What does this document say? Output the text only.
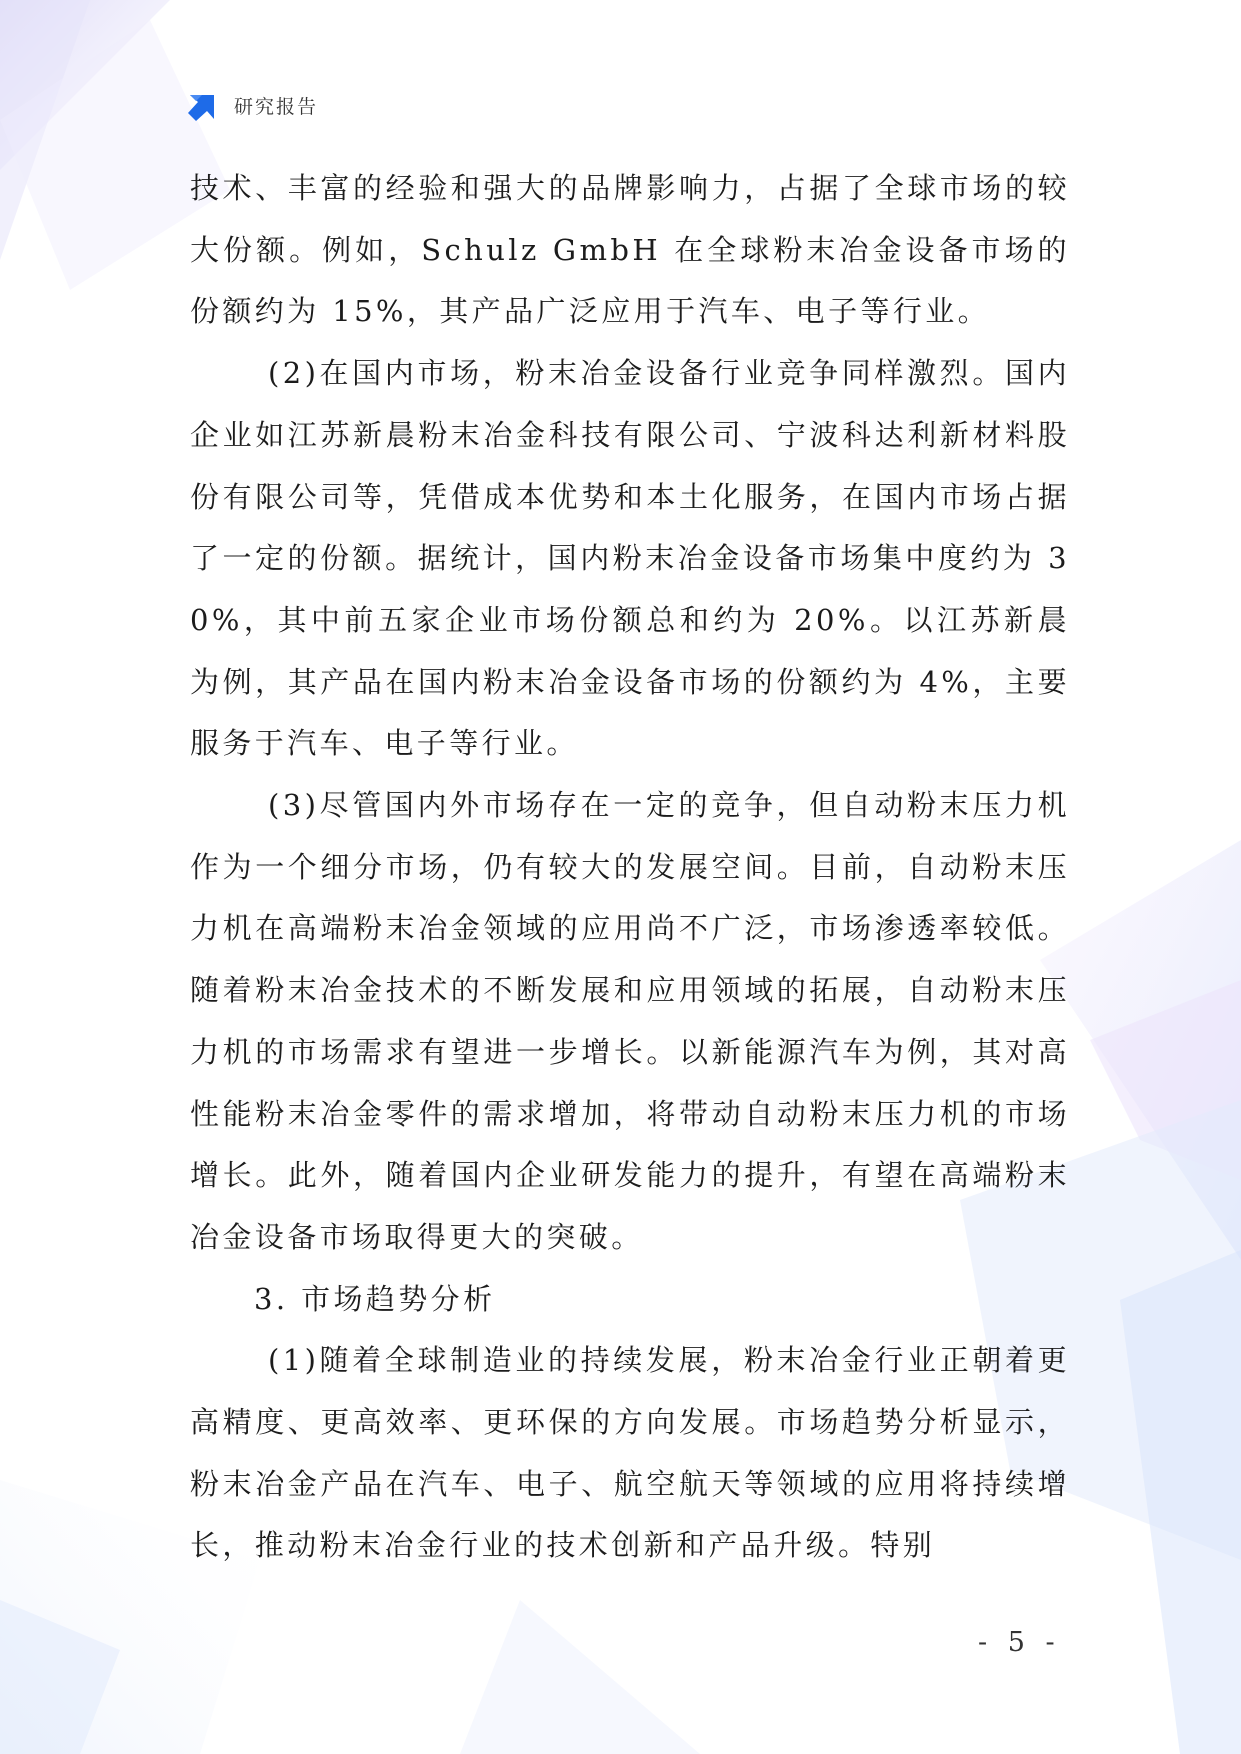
研究报告

技术、丰富的经验和强大的品牌影响力，占据了全球市场的较大份额。例如，Schulz GmbH 在全球粉末冶金设备市场的份额约为 15%，其产品广泛应用于汽车、电子等行业。

(2)在国内市场，粉末冶金设备行业竞争同样激烈。国内企业如江苏新晨粉末冶金科技有限公司、宁波科达利新材料股份有限公司等，凭借成本优势和本土化服务，在国内市场占据了一定的份额。据统计，国内粉末冶金设备市场集中度约为 30%，其中前五家企业市场份额总和约为 20%。以江苏新晨为例，其产品在国内粉末冶金设备市场的份额约为 4%，主要服务于汽车、电子等行业。

(3)尽管国内外市场存在一定的竞争，但自动粉末压力机作为一个细分市场，仍有较大的发展空间。目前，自动粉末压力机在高端粉末冶金领域的应用尚不广泛，市场渗透率较低。随着粉末冶金技术的不断发展和应用领域的拓展，自动粉末压力机的市场需求有望进一步增长。以新能源汽车为例，其对高性能粉末冶金零件的需求增加，将带动自动粉末压力机的市场增长。此外，随着国内企业研发能力的提升，有望在高端粉末冶金设备市场取得更大的突破。

3. 市场趋势分析

(1)随着全球制造业的持续发展，粉末冶金行业正朝着更高精度、更高效率、更环保的方向发展。市场趋势分析显示，粉末冶金产品在汽车、电子、航空航天等领域的应用将持续增长，推动粉末冶金行业的技术创新和产品升级。特别

- 5 -
